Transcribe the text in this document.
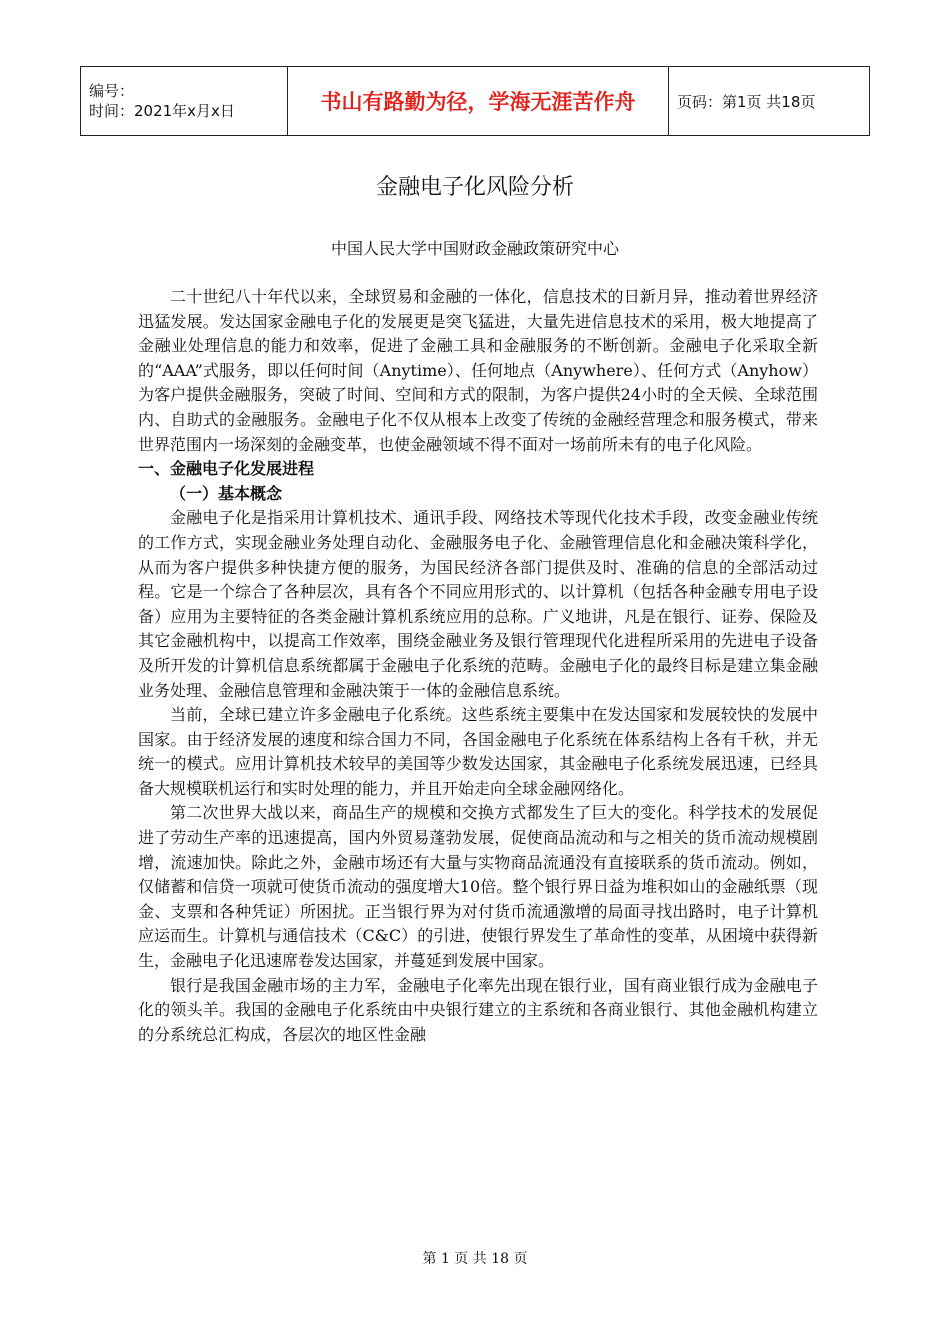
编号：
时间：2021年x月x日	书山有路勤为径，学海无涯苦作舟	页码：第1页 共18页
金融电子化风险分析
中国人民大学中国财政金融政策研究中心

二十世纪八十年代以来，全球贸易和金融的一体化，信息技术的日新月异，推动着世界经济迅猛发展。发达国家金融电子化的发展更是突飞猛进，大量先进信息技术的采用，极大地提高了金融业处理信息的能力和效率，促进了金融工具和金融服务的不断创新。金融电子化采取全新的“AAA”式服务，即以任何时间（Anytime）、任何地点（Anywhere）、任何方式（Anyhow）为客户提供金融服务，突破了时间、空间和方式的限制，为客户提供24小时的全天候、全球范围内、自助式的金融服务。金融电子化不仅从根本上改变了传统的金融经营理念和服务模式，带来世界范围内一场深刻的金融变革，也使金融领域不得不面对一场前所未有的电子化风险。

一、金融电子化发展进程
（一）基本概念

金融电子化是指采用计算机技术、通讯手段、网络技术等现代化技术手段，改变金融业传统的工作方式，实现金融业务处理自动化、金融服务电子化、金融管理信息化和金融决策科学化，从而为客户提供多种快捷方便的服务，为国民经济各部门提供及时、准确的信息的全部活动过程。它是一个综合了各种层次，具有各个不同应用形式的、以计算机（包括各种金融专用电子设备）应用为主要特征的各类金融计算机系统应用的总称。广义地讲，凡是在银行、证券、保险及其它金融机构中，以提高工作效率，围绕金融业务及银行管理现代化进程所采用的先进电子设备及所开发的计算机信息系统都属于金融电子化系统的范畴。金融电子化的最终目标是建立集金融业务处理、金融信息管理和金融决策于一体的金融信息系统。

当前，全球已建立许多金融电子化系统。这些系统主要集中在发达国家和发展较快的发展中国家。由于经济发展的速度和综合国力不同，各国金融电子化系统在体系结构上各有千秋，并无统一的模式。应用计算机技术较早的美国等少数发达国家，其金融电子化系统发展迅速，已经具备大规模联机运行和实时处理的能力，并且开始走向全球金融网络化。

第二次世界大战以来，商品生产的规模和交换方式都发生了巨大的变化。科学技术的发展促进了劳动生产率的迅速提高，国内外贸易蓬勃发展，促使商品流动和与之相关的货币流动规模剧增，流速加快。除此之外，金融市场还有大量与实物商品流通没有直接联系的货币流动。例如，仅储蓄和信贷一项就可使货币流动的强度增大10倍。整个银行界日益为堆积如山的金融纸票（现金、支票和各种凭证）所困扰。正当银行界为对付货币流通激增的局面寻找出路时，电子计算机应运而生。计算机与通信技术（C&C）的引进，使银行界发生了革命性的变革，从困境中获得新生，金融电子化迅速席卷发达国家，并蔓延到发展中国家。

银行是我国金融市场的主力军，金融电子化率先出现在银行业，国有商业银行成为金融电子化的领头羊。我国的金融电子化系统由中央银行建立的主系统和各商业银行、其他金融机构建立的分系统总汇构成，各层次的地区性金融

第 1 页 共 18 页
